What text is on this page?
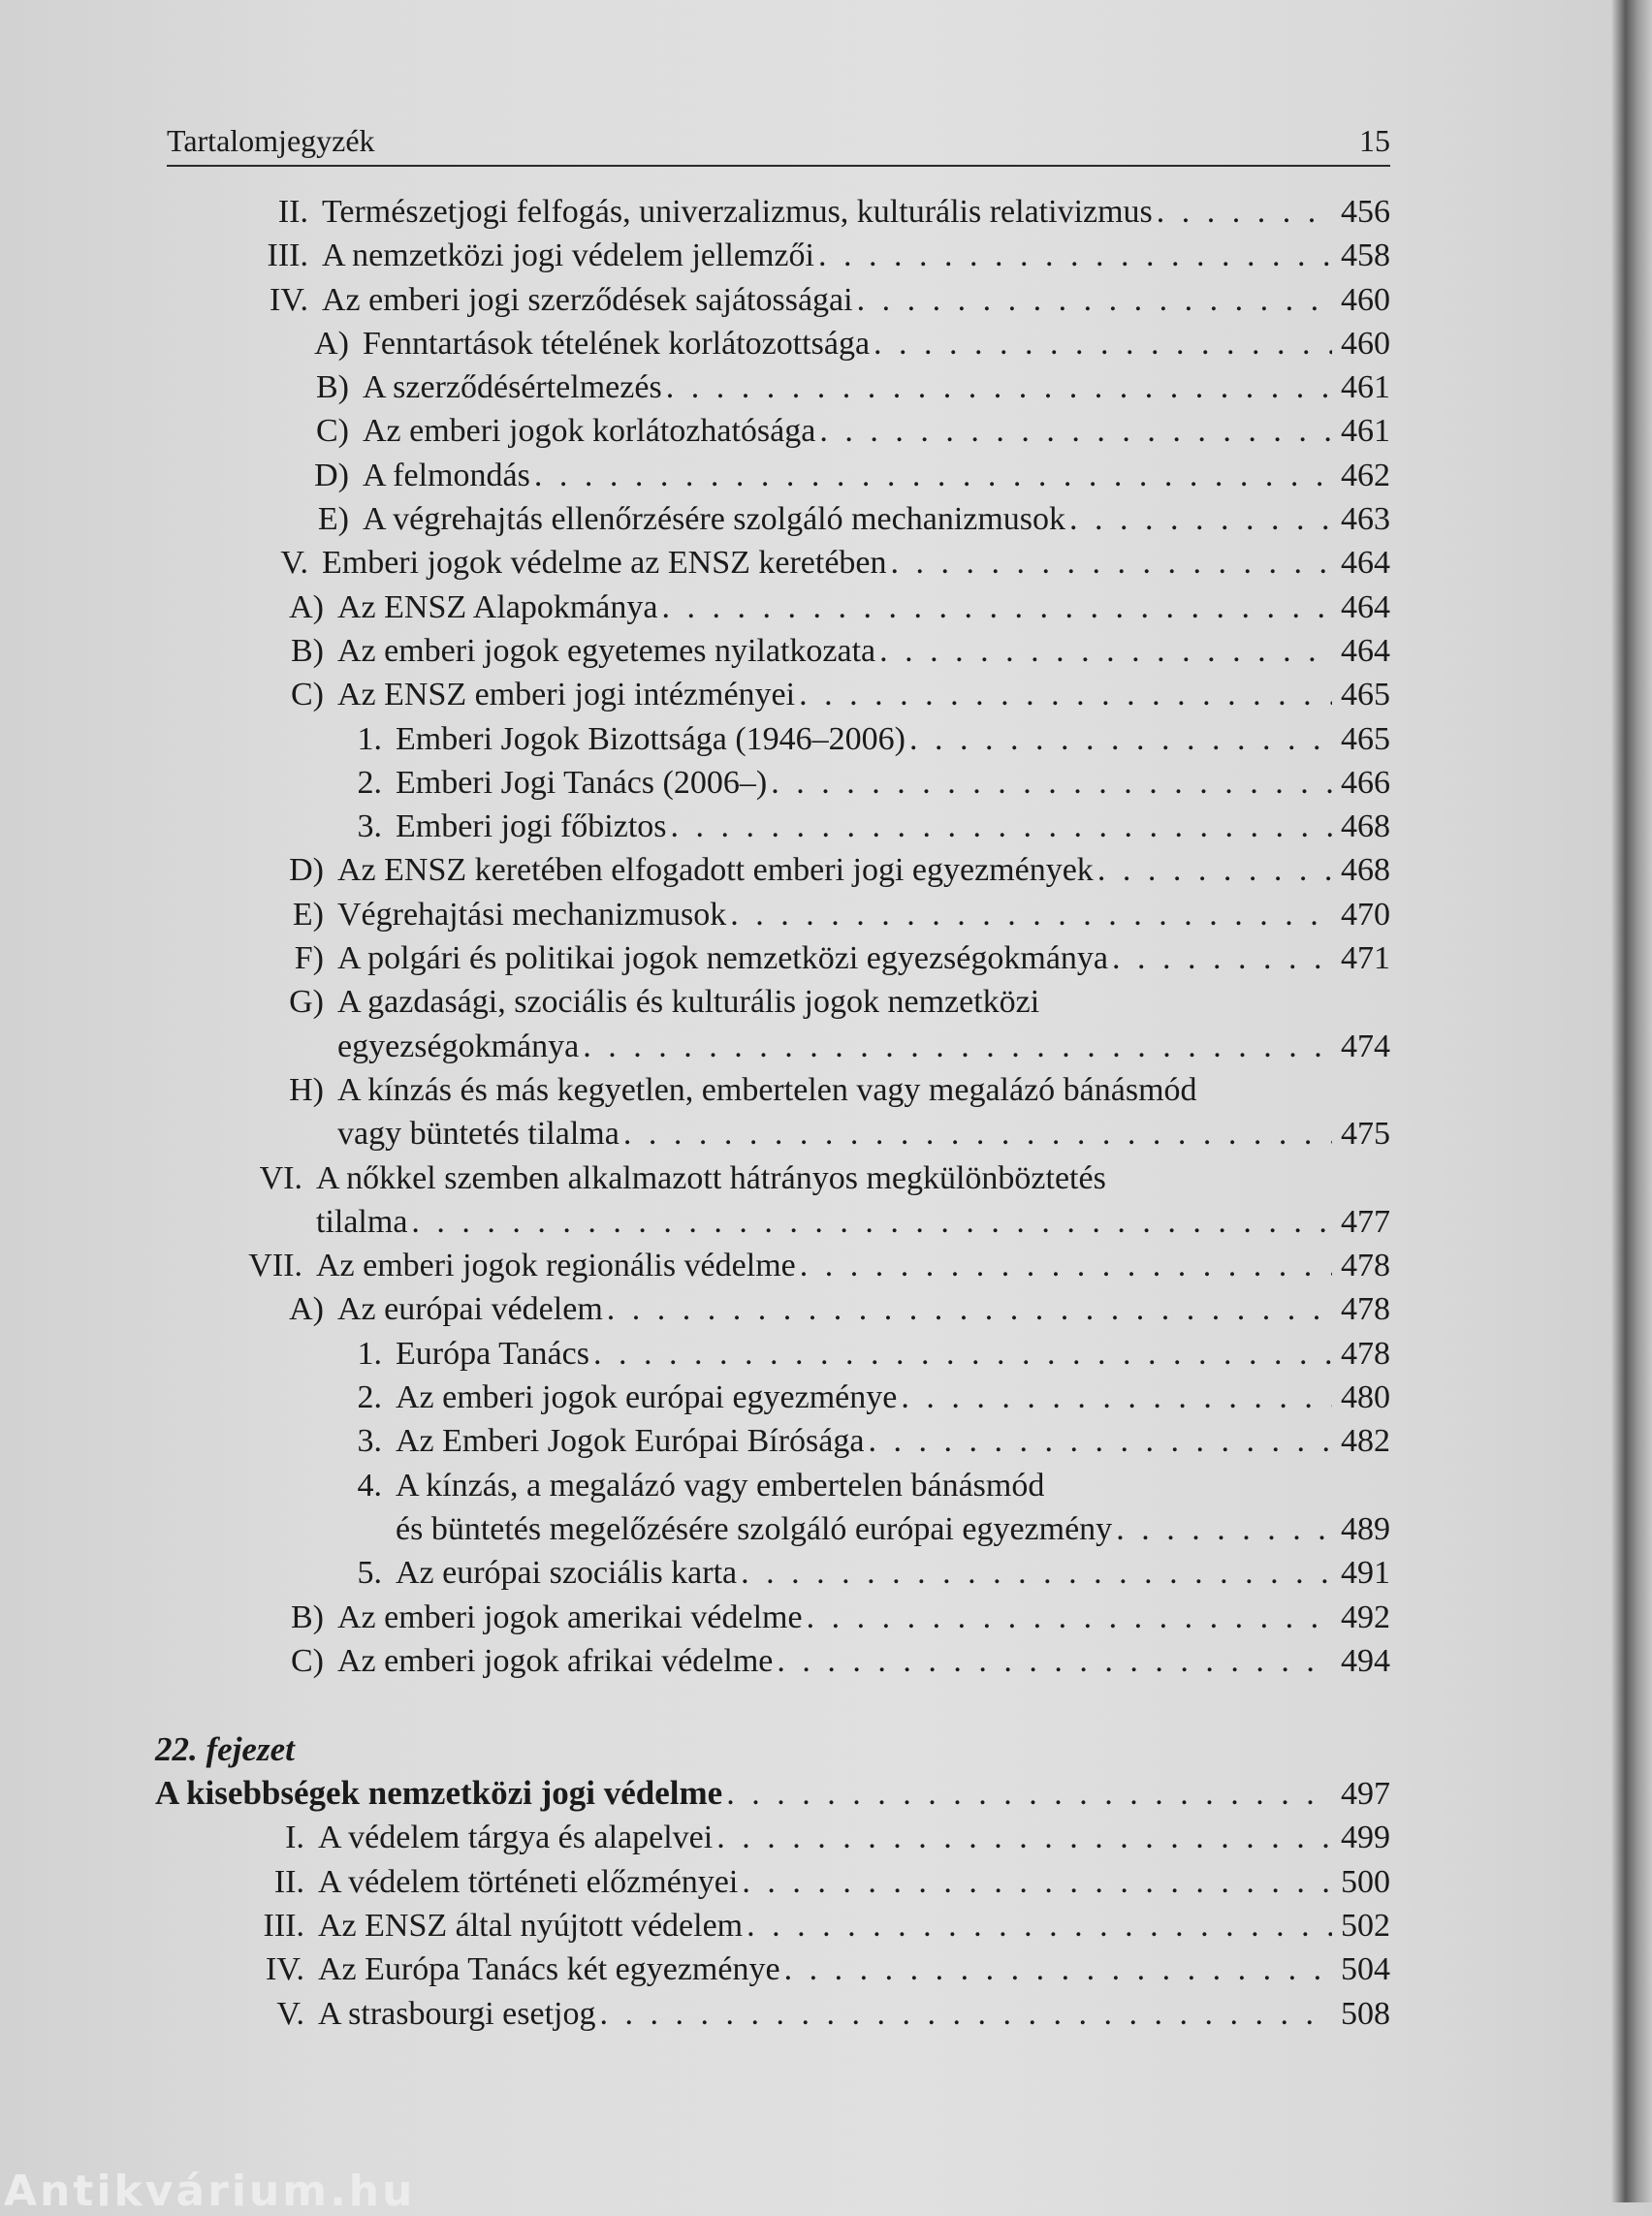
Tartalomjegyzék	15
II. Természetjogi felfogás, univerzalizmus, kulturális relativizmus . . .	456
III. A nemzetközi jogi védelem jellemzői . . .	458
IV. Az emberi jogi szerződések sajátosságai . . .	460
A) Fenntartások tételének korlátozottsága . . .	460
B) A szerződésértelmezés . . .	461
C) Az emberi jogok korlátozhatósága . . .	461
D) A felmondás . . .	462
E) A végrehajtás ellenőrzésére szolgáló mechanizmusok . . .	463
V. Emberi jogok védelme az ENSZ keretében . . .	464
A) Az ENSZ Alapokmánya . . .	464
B) Az emberi jogok egyetemes nyilatkozata . . .	464
C) Az ENSZ emberi jogi intézményei . . .	465
1. Emberi Jogok Bizottsága (1946–2006) . . .	465
2. Emberi Jogi Tanács (2006–) . . .	466
3. Emberi jogi főbiztos . . .	468
D) Az ENSZ keretében elfogadott emberi jogi egyezmények . . .	468
E) Végrehajtási mechanizmusok . . .	470
F) A polgári és politikai jogok nemzetközi egyezségokmánya . . .	471
G) A gazdasági, szociális és kulturális jogok nemzetközi
egyezségokmánya . . .	474
H) A kínzás és más kegyetlen, embertelen vagy megalázó bánásmód
vagy büntetés tilalma . . .	475
VI. A nőkkel szemben alkalmazott hátrányos megkülönböztetés
tilalma . . .	477
VII. Az emberi jogok regionális védelme . . .	478
A) Az európai védelem . . .	478
1. Európa Tanács . . .	478
2. Az emberi jogok európai egyezménye . . .	480
3. Az Emberi Jogok Európai Bírósága . . .	482
4. A kínzás, a megalázó vagy embertelen bánásmód
és büntetés megelőzésére szolgáló európai egyezmény . . .	489
5. Az európai szociális karta . . .	491
B) Az emberi jogok amerikai védelme . . .	492
C) Az emberi jogok afrikai védelme . . .	494
22. fejezet
A kisebbségek nemzetközi jogi védelme . . .	497
I. A védelem tárgya és alapelvei . . .	499
II. A védelem történeti előzményei . . .	500
III. Az ENSZ által nyújtott védelem . . .	502
IV. Az Európa Tanács két egyezménye . . .	504
V. A strasbourgi esetjog . . .	508
Antikvárium.hu
